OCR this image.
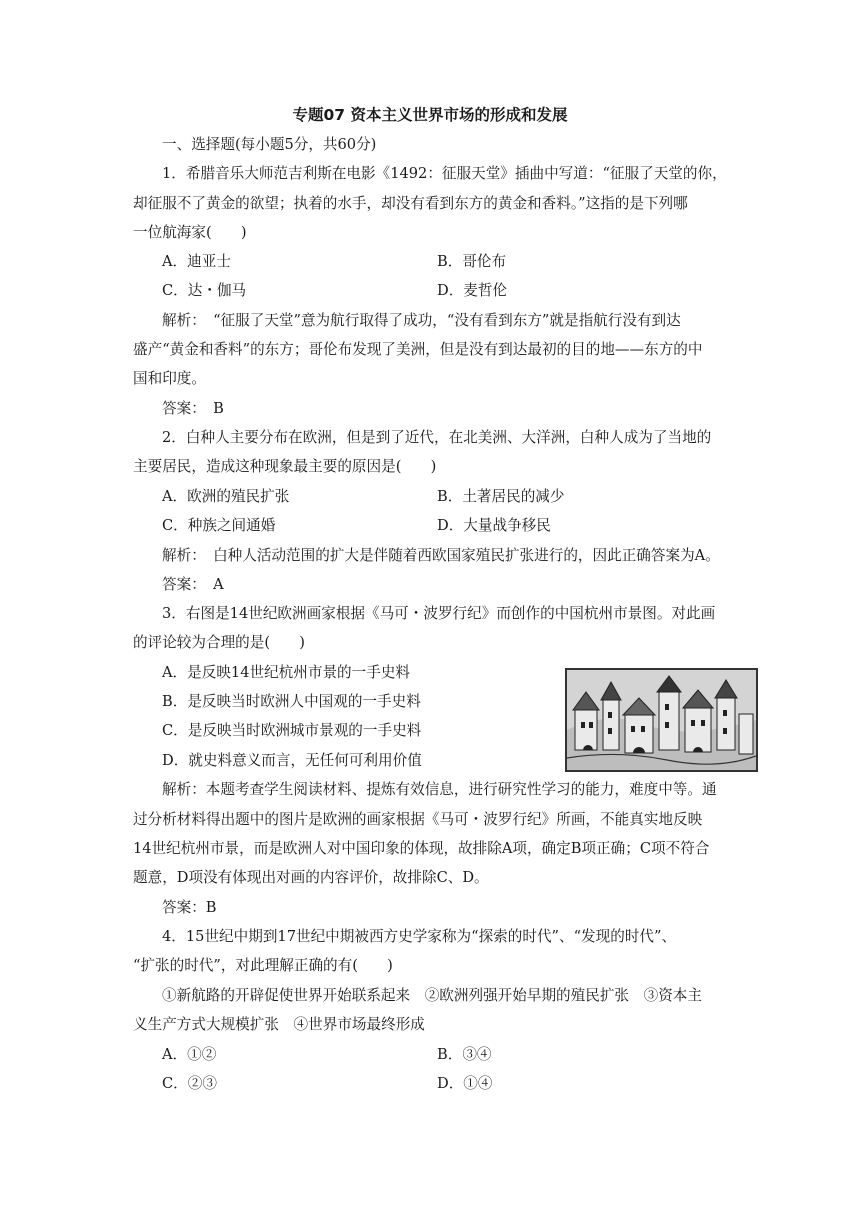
专题07 资本主义世界市场的形成和发展
一、选择题(每小题5分，共60分)
1．希腊音乐大师范吉利斯在电影《1492：征服天堂》插曲中写道：“征服了天堂的你，
却征服不了黄金的欲望；执着的水手，却没有看到东方的黄金和香料。”这指的是下列哪
一位航海家(　　)
A．迪亚士	B．哥伦布
C．达・伽马	D．麦哲伦
解析：　“征服了天堂”意为航行取得了成功，“没有看到东方”就是指航行没有到达
盛产“黄金和香料”的东方；哥伦布发现了美洲，但是没有到达最初的目的地——东方的中
国和印度。
答案：　B
2．白种人主要分布在欧洲，但是到了近代，在北美洲、大洋洲，白种人成为了当地的
主要居民，造成这种现象最主要的原因是(　　)
A．欧洲的殖民扩张	B．土著居民的减少
C．种族之间通婚	D．大量战争移民
解析：　白种人活动范围的扩大是伴随着西欧国家殖民扩张进行的，因此正确答案为A。
答案：　A
3．右图是14世纪欧洲画家根据《马可・波罗行纪》而创作的中国杭州市景图。对此画
的评论较为合理的是(　　)
A．是反映14世纪杭州市景的一手史料
B．是反映当时欧洲人中国观的一手史料
C．是反映当时欧洲城市景观的一手史料
D．就史料意义而言，无任何可利用价值
解析：本题考查学生阅读材料、提炼有效信息，进行研究性学习的能力，难度中等。通
过分析材料得出题中的图片是欧洲的画家根据《马可・波罗行纪》所画，不能真实地反映
14世纪杭州市景，而是欧洲人对中国印象的体现，故排除A项，确定B项正确；C项不符合
题意，D项没有体现出对画的内容评价，故排除C、D。
答案：B
4．15世纪中期到17世纪中期被西方史学家称为“探索的时代”、“发现的时代”、
“扩张的时代”，对此理解正确的有(　　)
①新航路的开辟促使世界开始联系起来　②欧洲列强开始早期的殖民扩张　③资本主
义生产方式大规模扩张　④世界市场最终形成
A．①②	B．③④
C．②③	D．①④
